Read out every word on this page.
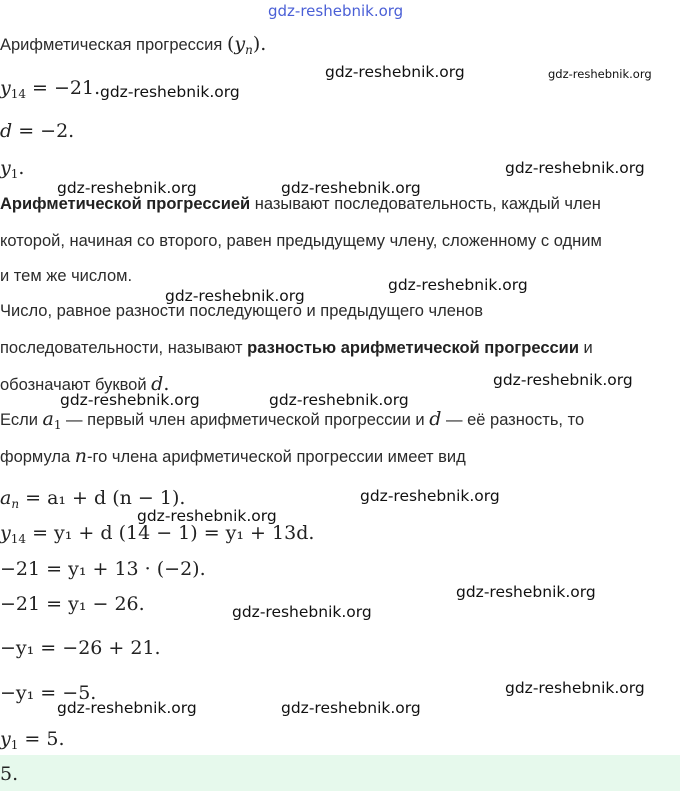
gdz-reshebnik.org
Арифметическая прогрессия $(y_n)$.
$y_{14} = -21$.
d = −2.
$y_1$.
Арифметической прогрессией называют последовательность, каждый член
которой, начиная со второго, равен предыдущему члену, сложенному с одним
и тем же числом.
Число, равное разности последующего и предыдущего членов
последовательности, называют разностью арифметической прогрессии и
обозначают буквой d.
Если $a_1$ — первый член арифметической прогрессии и d — её разность, то
формула n-го члена арифметической прогрессии имеет вид
$a_n = a_1 + d$ (n − 1).
$y_{14} = y_1 + d$ (14 − 1) = y₁ + 13d.
−21 = y₁ + 13 · (−2).
−21 = y₁ − 26.
−y₁ = −26 + 21.
−y₁ = −5.
$y_1 = 5$.
5.
gdz-reshebnik.org	gdz-reshebnik.org
gdz-reshebnik.org
gdz-reshebnik.org
gdz-reshebnik.org	gdz-reshebnik.org
gdz-reshebnik.org
gdz-reshebnik.org
gdz-reshebnik.org
gdz-reshebnik.org	gdz-reshebnik.org
gdz-reshebnik.org
gdz-reshebnik.org
gdz-reshebnik.org
gdz-reshebnik.org
gdz-reshebnik.org
gdz-reshebnik.org	gdz-reshebnik.org
